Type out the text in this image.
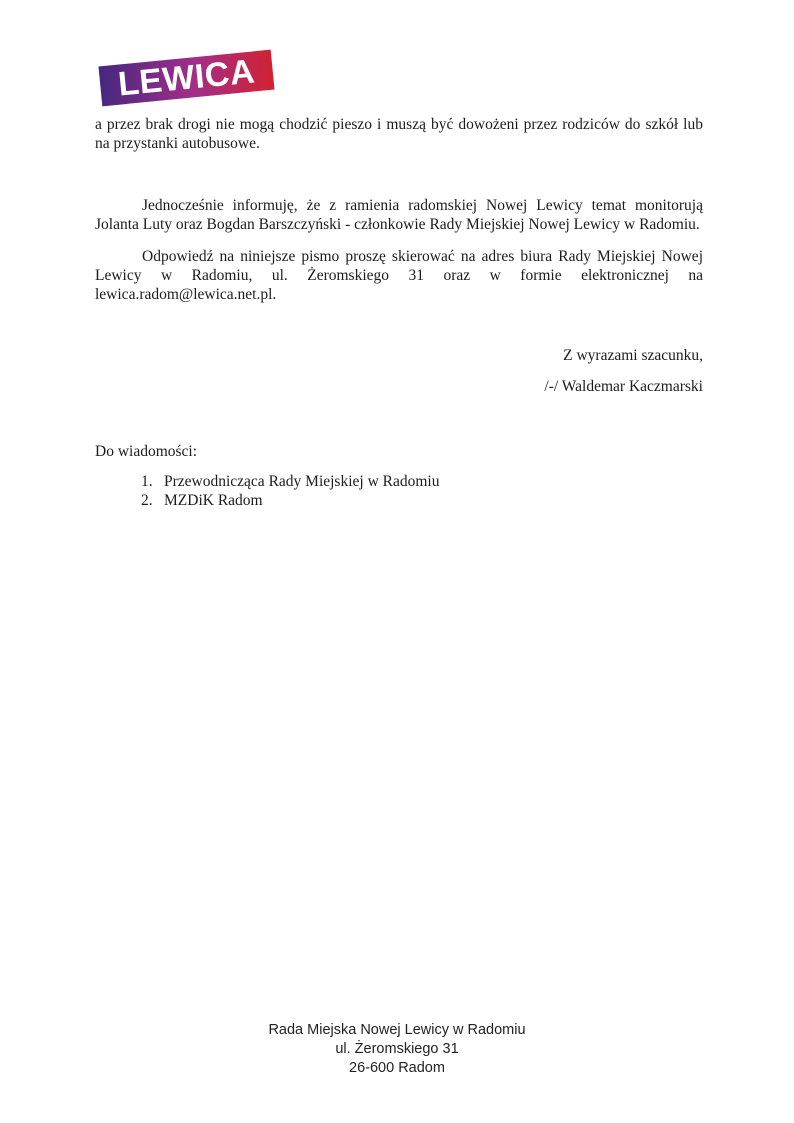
LEWICA

a przez brak drogi nie mogą chodzić pieszo i muszą być dowożeni przez rodziców do szkół lub na przystanki autobusowe.

Jednocześnie informuję, że z ramienia radomskiej Nowej Lewicy temat monitorują Jolanta Luty oraz Bogdan Barszczyński - członkowie Rady Miejskiej Nowej Lewicy w Radomiu.

Odpowiedź na niniejsze pismo proszę skierować na adres biura Rady Miejskiej Nowej Lewicy w Radomiu, ul. Żeromskiego 31 oraz w formie elektronicznej na lewica.radom@lewica.net.pl.

Z wyrazami szacunku,
/-/ Waldemar Kaczmarski
Do wiadomości:
1. Przewodnicząca Rady Miejskiej w Radomiu
2. MZDiK Radom
Rada Miejska Nowej Lewicy w Radomiu
ul. Żeromskiego 31
26-600 Radom
